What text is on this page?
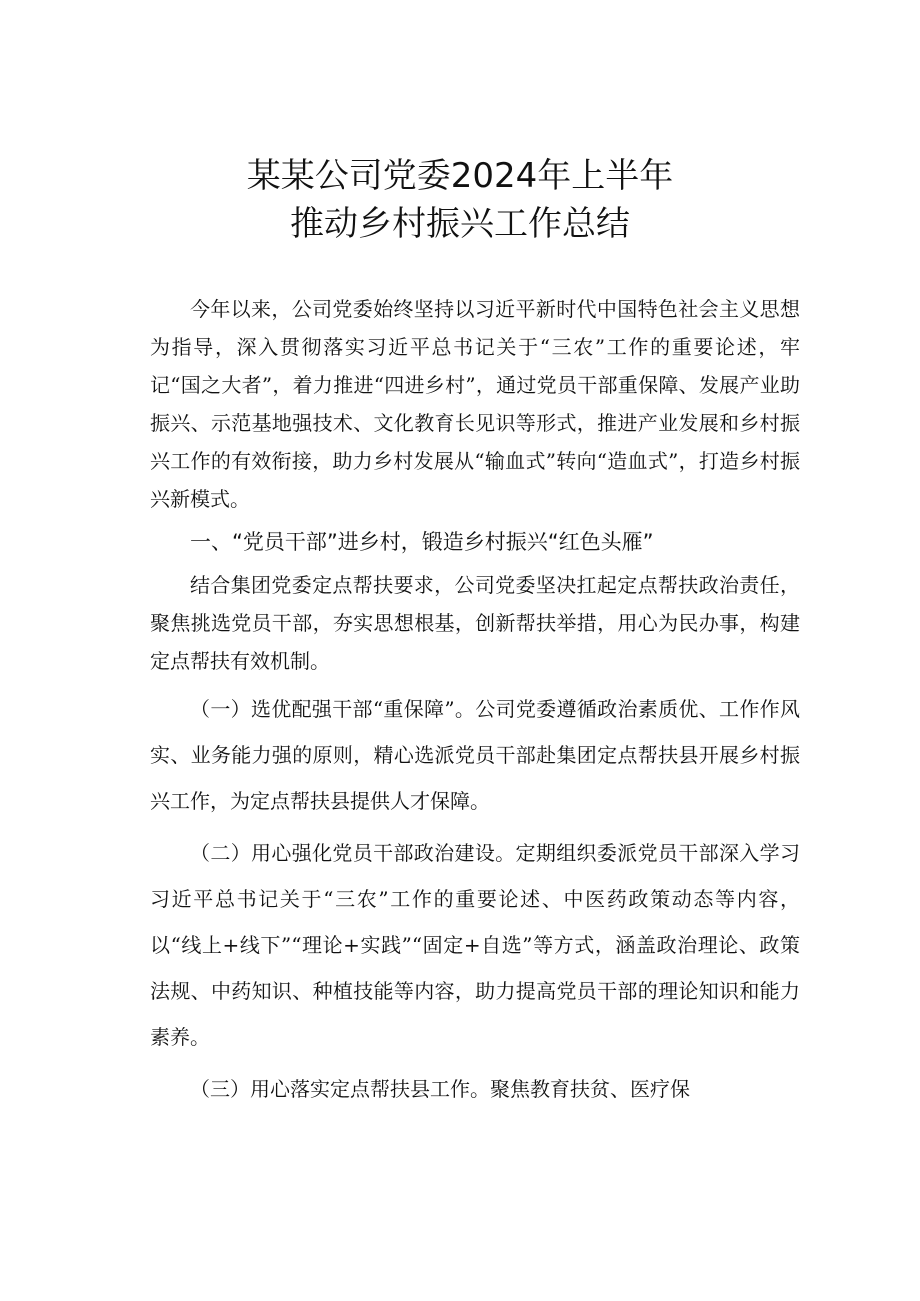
某某公司党委2024年上半年
推动乡村振兴工作总结

今年以来，公司党委始终坚持以习近平新时代中国特色社会主义思想为指导，深入贯彻落实习近平总书记关于“三农”工作的重要论述，牢记“国之大者”，着力推进“四进乡村”，通过党员干部重保障、发展产业助振兴、示范基地强技术、文化教育长见识等形式，推进产业发展和乡村振兴工作的有效衔接，助力乡村发展从“输血式”转向“造血式”，打造乡村振兴新模式。

一、“党员干部”进乡村，锻造乡村振兴“红色头雁”

结合集团党委定点帮扶要求，公司党委坚决扛起定点帮扶政治责任，聚焦挑选党员干部，夯实思想根基，创新帮扶举措，用心为民办事，构建定点帮扶有效机制。

（一）选优配强干部“重保障”。公司党委遵循政治素质优、工作作风实、业务能力强的原则，精心选派党员干部赴集团定点帮扶县开展乡村振兴工作，为定点帮扶县提供人才保障。

（二）用心强化党员干部政治建设。定期组织委派党员干部深入学习习近平总书记关于“三农”工作的重要论述、中医药政策动态等内容，以“线上+线下”“理论+实践”“固定+自选”等方式，涵盖政治理论、政策法规、中药知识、种植技能等内容，助力提高党员干部的理论知识和能力素养。

（三）用心落实定点帮扶县工作。聚焦教育扶贫、医疗保
